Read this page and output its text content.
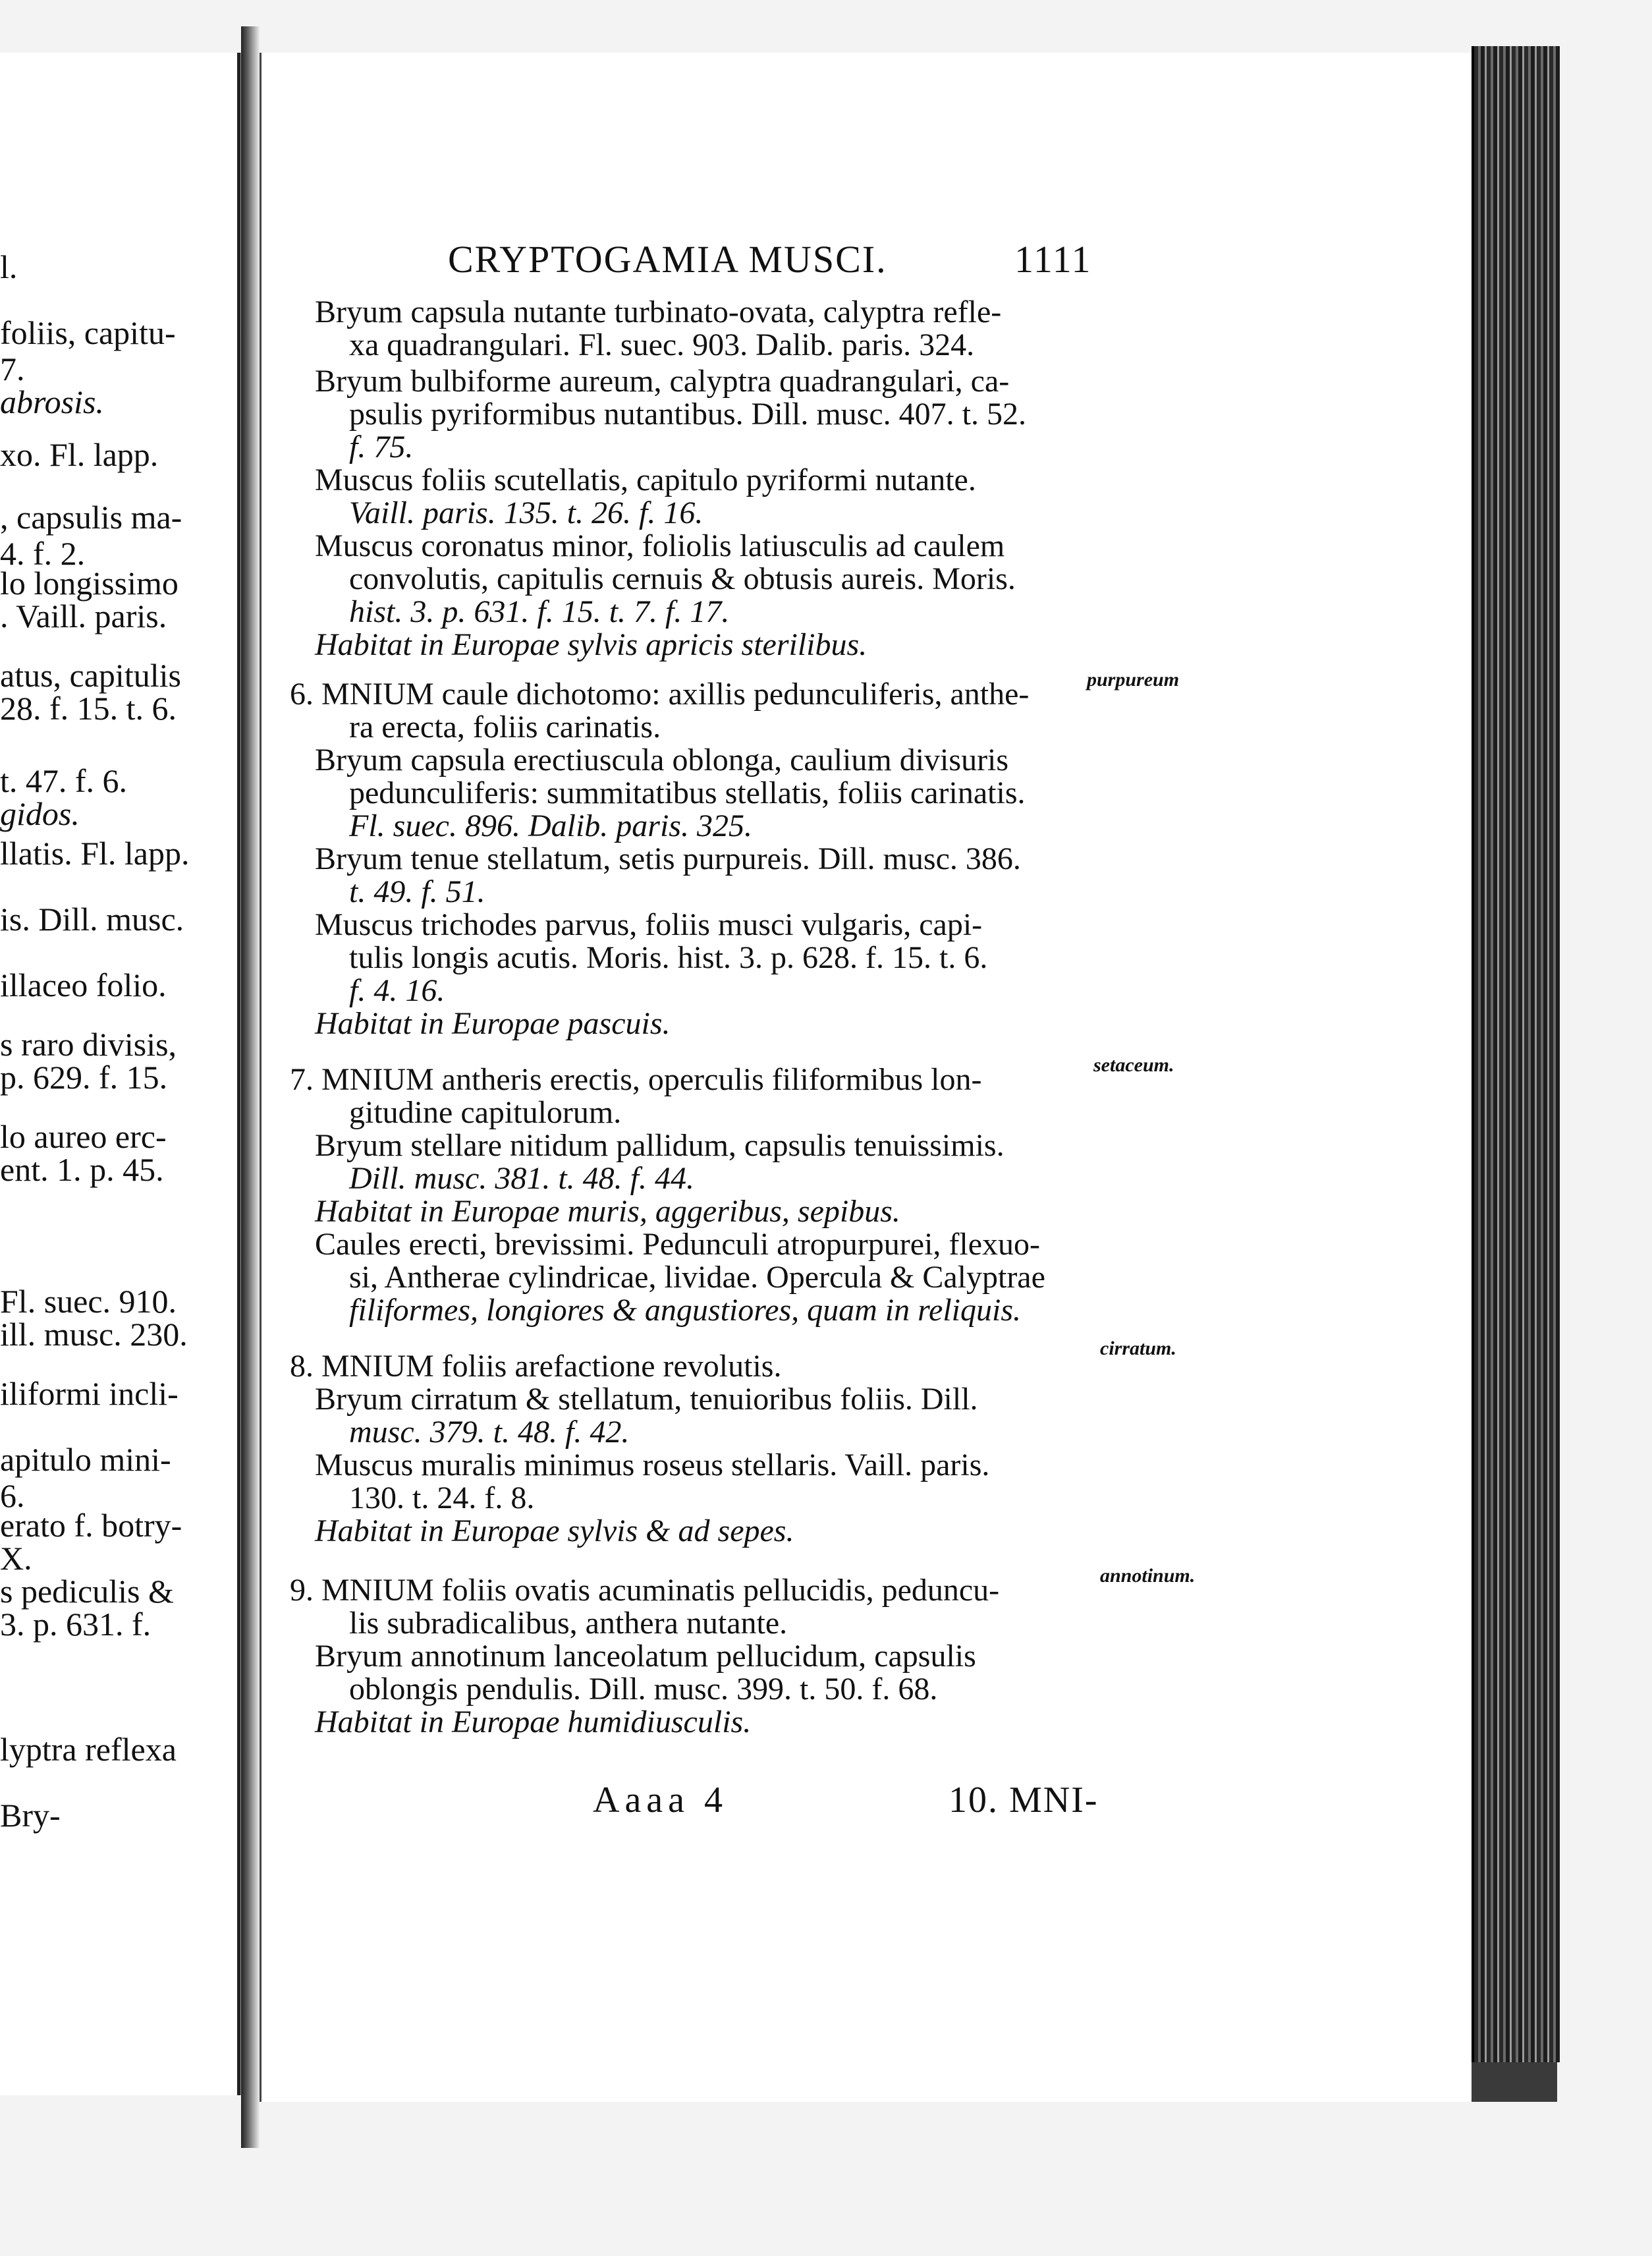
l.
foliis, capitu-
7.
abrosis.
xo. Fl. lapp.
, capsulis ma-
4. f. 2.
lo longissimo
. Vaill. paris.
atus, capitulis
28. f. 15. t. 6.
t. 47. f. 6.
gidos.
llatis. Fl. lapp.
is. Dill. musc.
illaceo folio.
s raro divisis,
p. 629. f. 15.
lo aureo erc-
ent. 1. p. 45.
Fl. suec. 910.
ill. musc. 230.
iliformi incli-
apitulo mini-
6.
erato f. botry-
X.
s pediculis &
3. p. 631. f.
lyptra reflexa
Bry-
CRYPTOGAMIA MUSCI.	1111
Bryum capsula nutante turbinato-ovata, calyptra refle-
xa quadrangulari. Fl. suec. 903. Dalib. paris. 324.
Bryum bulbiforme aureum, calyptra quadrangulari, ca-
psulis pyriformibus nutantibus. Dill. musc. 407. t. 52.
f. 75.
Muscus foliis scutellatis, capitulo pyriformi nutante.
Vaill. paris. 135. t. 26. f. 16.
Muscus coronatus minor, foliolis latiusculis ad caulem
convolutis, capitulis cernuis & obtusis aureis. Moris.
hist. 3. p. 631. f. 15. t. 7. f. 17.
Habitat in Europae sylvis apricis sterilibus.
6. MNIUM caule dichotomo: axillis pedunculiferis, anthe-	purpureum
ra erecta, foliis carinatis.
Bryum capsula erectiuscula oblonga, caulium divisuris
pedunculiferis: summitatibus stellatis, foliis carinatis.
Fl. suec. 896. Dalib. paris. 325.
Bryum tenue stellatum, setis purpureis. Dill. musc. 386.
t. 49. f. 51.
Muscus trichodes parvus, foliis musci vulgaris, capi-
tulis longis acutis. Moris. hist. 3. p. 628. f. 15. t. 6.
f. 4. 16.
Habitat in Europae pascuis.
7. MNIUM antheris erectis, operculis filiformibus lon-	setaceum.
gitudine capitulorum.
Bryum stellare nitidum pallidum, capsulis tenuissimis.
Dill. musc. 381. t. 48. f. 44.
Habitat in Europae muris, aggeribus, sepibus.
Caules erecti, brevissimi. Pedunculi atropurpurei, flexuo-
si, Antherae cylindricae, lividae. Opercula & Calyptrae
filiformes, longiores & angustiores, quam in reliquis.
8. MNIUM foliis arefactione revolutis.
cirratum.
Bryum cirratum & stellatum, tenuioribus foliis. Dill.
musc. 379. t. 48. f. 42.
Muscus muralis minimus roseus stellaris. Vaill. paris.
130. t. 24. f. 8.
Habitat in Europae sylvis & ad sepes.
9. MNIUM foliis ovatis acuminatis pellucidis, peduncu-	annotinum.
lis subradicalibus, anthera nutante.
Bryum annotinum lanceolatum pellucidum, capsulis
oblongis pendulis. Dill. musc. 399. t. 50. f. 68.
Habitat in Europae humidiusculis.
Aaaa 4	10. MNI-
